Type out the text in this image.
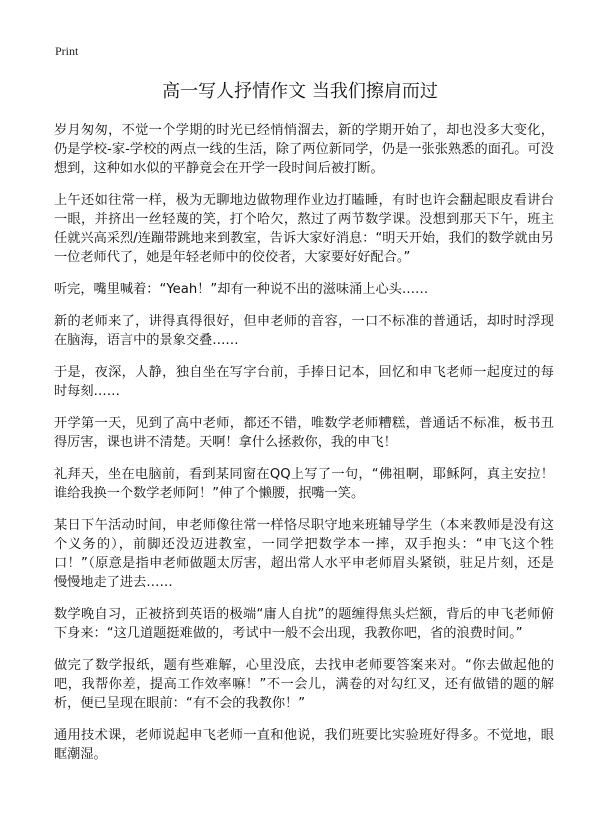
Print
高一写人抒情作文 当我们擦肩而过

岁月匆匆，不觉一个学期的时光已经悄悄溜去，新的学期开始了，却也没多大变化，仍是学校-家-学校的两点一线的生活，除了两位新同学，仍是一张张熟悉的面孔。可没想到，这种如水似的平静竟会在开学一段时间后被打断。

上午还如往常一样，极为无聊地边做物理作业边打瞌睡，有时也许会翻起眼皮看讲台一眼，并挤出一丝轻蔑的笑，打个哈欠，熬过了两节数学课。没想到那天下午，班主任就兴高采烈/连蹦带跳地来到教室，告诉大家好消息：“明天开始，我们的数学就由另一位老师代了，她是年轻老师中的佼佼者，大家要好好配合。”

听完，嘴里喊着：“Yeah！”却有一种说不出的滋味涌上心头……

新的老师来了，讲得真得很好，但申老师的音容，一口不标准的普通话，却时时浮现在脑海，语言中的景象交叠……

于是，夜深，人静，独自坐在写字台前，手捧日记本，回忆和申飞老师一起度过的每时每刻……

开学第一天，见到了高中老师，都还不错，唯数学老师糟糕，普通话不标准，板书丑得厉害，课也讲不清楚。天啊！拿什么拯救你，我的申飞！

礼拜天，坐在电脑前，看到某同窗在QQ上写了一句，“佛祖啊，耶稣阿，真主安拉！谁给我换一个数学老师阿！”伸了个懒腰，抿嘴一笑。

某日下午活动时间，申老师像往常一样恪尽职守地来班辅导学生（本来教师是没有这个义务的），前脚还没迈进教室，一同学把数学本一摔，双手抱头：“申飞这个牲口！”（原意是指申老师做题太厉害，超出常人水平申老师眉头紧锁，驻足片刻，还是慢慢地走了进去……

数学晚自习，正被挤到英语的极端“庸人自扰”的题缠得焦头烂额，背后的申飞老师俯下身来：“这几道题挺难做的，考试中一般不会出现，我教你吧，省的浪费时间。”

做完了数学报纸，题有些难解，心里没底，去找申老师要答案来对。“你去做起他的吧，我帮你差，提高工作效率嘛！”不一会儿，满卷的对勾红叉，还有做错的题的解析，便已呈现在眼前：“有不会的我教你！”

通用技术课，老师说起申飞老师一直和他说，我们班要比实验班好得多。不觉地，眼眶潮湿。
